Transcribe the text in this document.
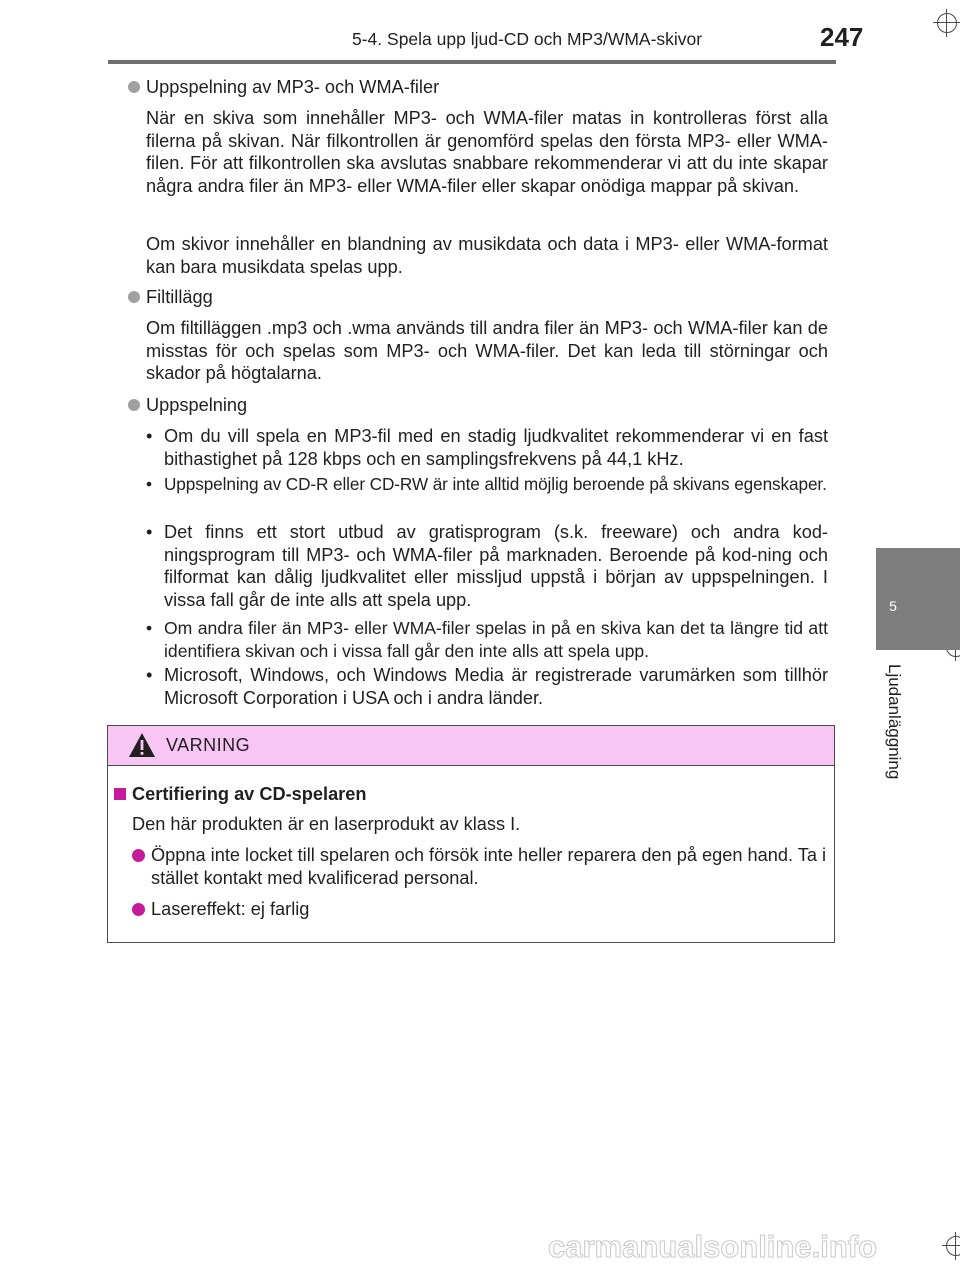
5-4. Spela upp ljud-CD och MP3/WMA-skivor	247
5
Ljudanläggning
Uppspelning av MP3- och WMA-filer
När en skiva som innehåller MP3- och WMA-filer matas in kontrolleras först alla filerna på skivan. När filkontrollen är genomförd spelas den första MP3- eller WMA-filen. För att filkontrollen ska avslutas snabbare rekommenderar vi att du inte skapar några andra filer än MP3- eller WMA-filer eller skapar onödiga mappar på skivan.
Om skivor innehåller en blandning av musikdata och data i MP3- eller WMA-format kan bara musikdata spelas upp.
Filtillägg
Om filtilläggen .mp3 och .wma används till andra filer än MP3- och WMA-filer kan de misstas för och spelas som MP3- och WMA-filer. Det kan leda till störningar och skador på högtalarna.
Uppspelning
• Om du vill spela en MP3-fil med en stadig ljudkvalitet rekommenderar vi en fast bithastighet på 128 kbps och en samplingsfrekvens på 44,1 kHz.
• Uppspelning av CD-R eller CD-RW är inte alltid möjlig beroende på skivans egenskaper.
• Det finns ett stort utbud av gratisprogram (s.k. freeware) och andra kod-ningsprogram till MP3- och WMA-filer på marknaden. Beroende på kod-ning och filformat kan dålig ljudkvalitet eller missljud uppstå i början av uppspelningen. I vissa fall går de inte alls att spela upp.
• Om andra filer än MP3- eller WMA-filer spelas in på en skiva kan det ta längre tid att identifiera skivan och i vissa fall går den inte alls att spela upp.
• Microsoft, Windows, och Windows Media är registrerade varumärken som tillhör Microsoft Corporation i USA och i andra länder.
VARNING
Certifiering av CD-spelaren
Den här produkten är en laserprodukt av klass I.
Öppna inte locket till spelaren och försök inte heller reparera den på egen hand. Ta i stället kontakt med kvalificerad personal.
Lasereffekt: ej farlig
carmanualsonline.info
